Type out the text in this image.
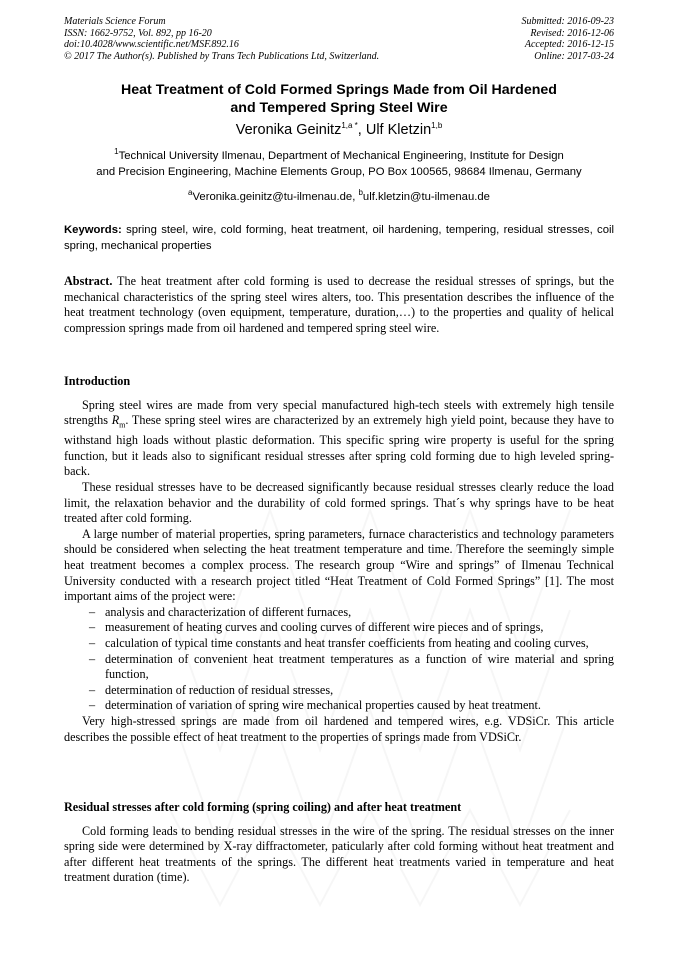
Materials Science Forum
ISSN: 1662-9752, Vol. 892, pp 16-20
doi:10.4028/www.scientific.net/MSF.892.16
© 2017 The Author(s). Published by Trans Tech Publications Ltd, Switzerland.
Submitted: 2016-09-23
Revised: 2016-12-06
Accepted: 2016-12-15
Online: 2017-03-24
Heat Treatment of Cold Formed Springs Made from Oil Hardened
and Tempered Spring Steel Wire
Veronika Geinitz$^{1,a *}$, Ulf Kletzin$^{1,b}$
$^1$Technical University Ilmenau, Department of Mechanical Engineering, Institute for Design
and Precision Engineering, Machine Elements Group, PO Box 100565, 98684 Ilmenau, Germany
$^a$Veronika.geinitz@tu-ilmenau.de, $^b$ulf.kletzin@tu-ilmenau.de
Keywords: spring steel, wire, cold forming, heat treatment, oil hardening, tempering, residual stresses, coil spring, mechanical properties

Abstract. The heat treatment after cold forming is used to decrease the residual stresses of springs, but the mechanical characteristics of the spring steel wires alters, too. This presentation describes the influence of the heat treatment technology (oven equipment, temperature, duration,…) to the properties and quality of helical compression springs made from oil hardened and tempered spring steel wire.

Introduction

Spring steel wires are made from very special manufactured high-tech steels with extremely high tensile strengths $R_m$. These spring steel wires are characterized by an extremely high yield point, because they have to withstand high loads without plastic deformation. This specific spring wire property is useful for the spring function, but it leads also to significant residual stresses after spring cold forming due to high leveled spring-back.

These residual stresses have to be decreased significantly because residual stresses clearly reduce the load limit, the relaxation behavior and the durability of cold formed springs. That´s why springs have to be heat treated after cold forming.

A large number of material properties, spring parameters, furnace characteristics and technology parameters should be considered when selecting the heat treatment temperature and time. Therefore the seemingly simple heat treatment becomes a complex process. The research group “Wire and springs” of Ilmenau Technical University conducted with a research project titled “Heat Treatment of Cold Formed Springs” [1]. The most important aims of the project were:

– analysis and characterization of different furnaces,
– measurement of heating curves and cooling curves of different wire pieces and of springs,
– calculation of typical time constants and heat transfer coefficients from heating and cooling curves,
– determination of convenient heat treatment temperatures as a function of wire material and spring function,
– determination of reduction of residual stresses,
– determination of variation of spring wire mechanical properties caused by heat treatment.

Very high-stressed springs are made from oil hardened and tempered wires, e.g. VDSiCr. This article describes the possible effect of heat treatment to the properties of springs made from VDSiCr.

Residual stresses after cold forming (spring coiling) and after heat treatment

Cold forming leads to bending residual stresses in the wire of the spring. The residual stresses on the inner spring side were determined by X-ray diffractometer, paticularly after cold forming without heat treatment and after different heat treatments of the springs. The different heat treatments varied in temperature and heat treatment duration (time).
